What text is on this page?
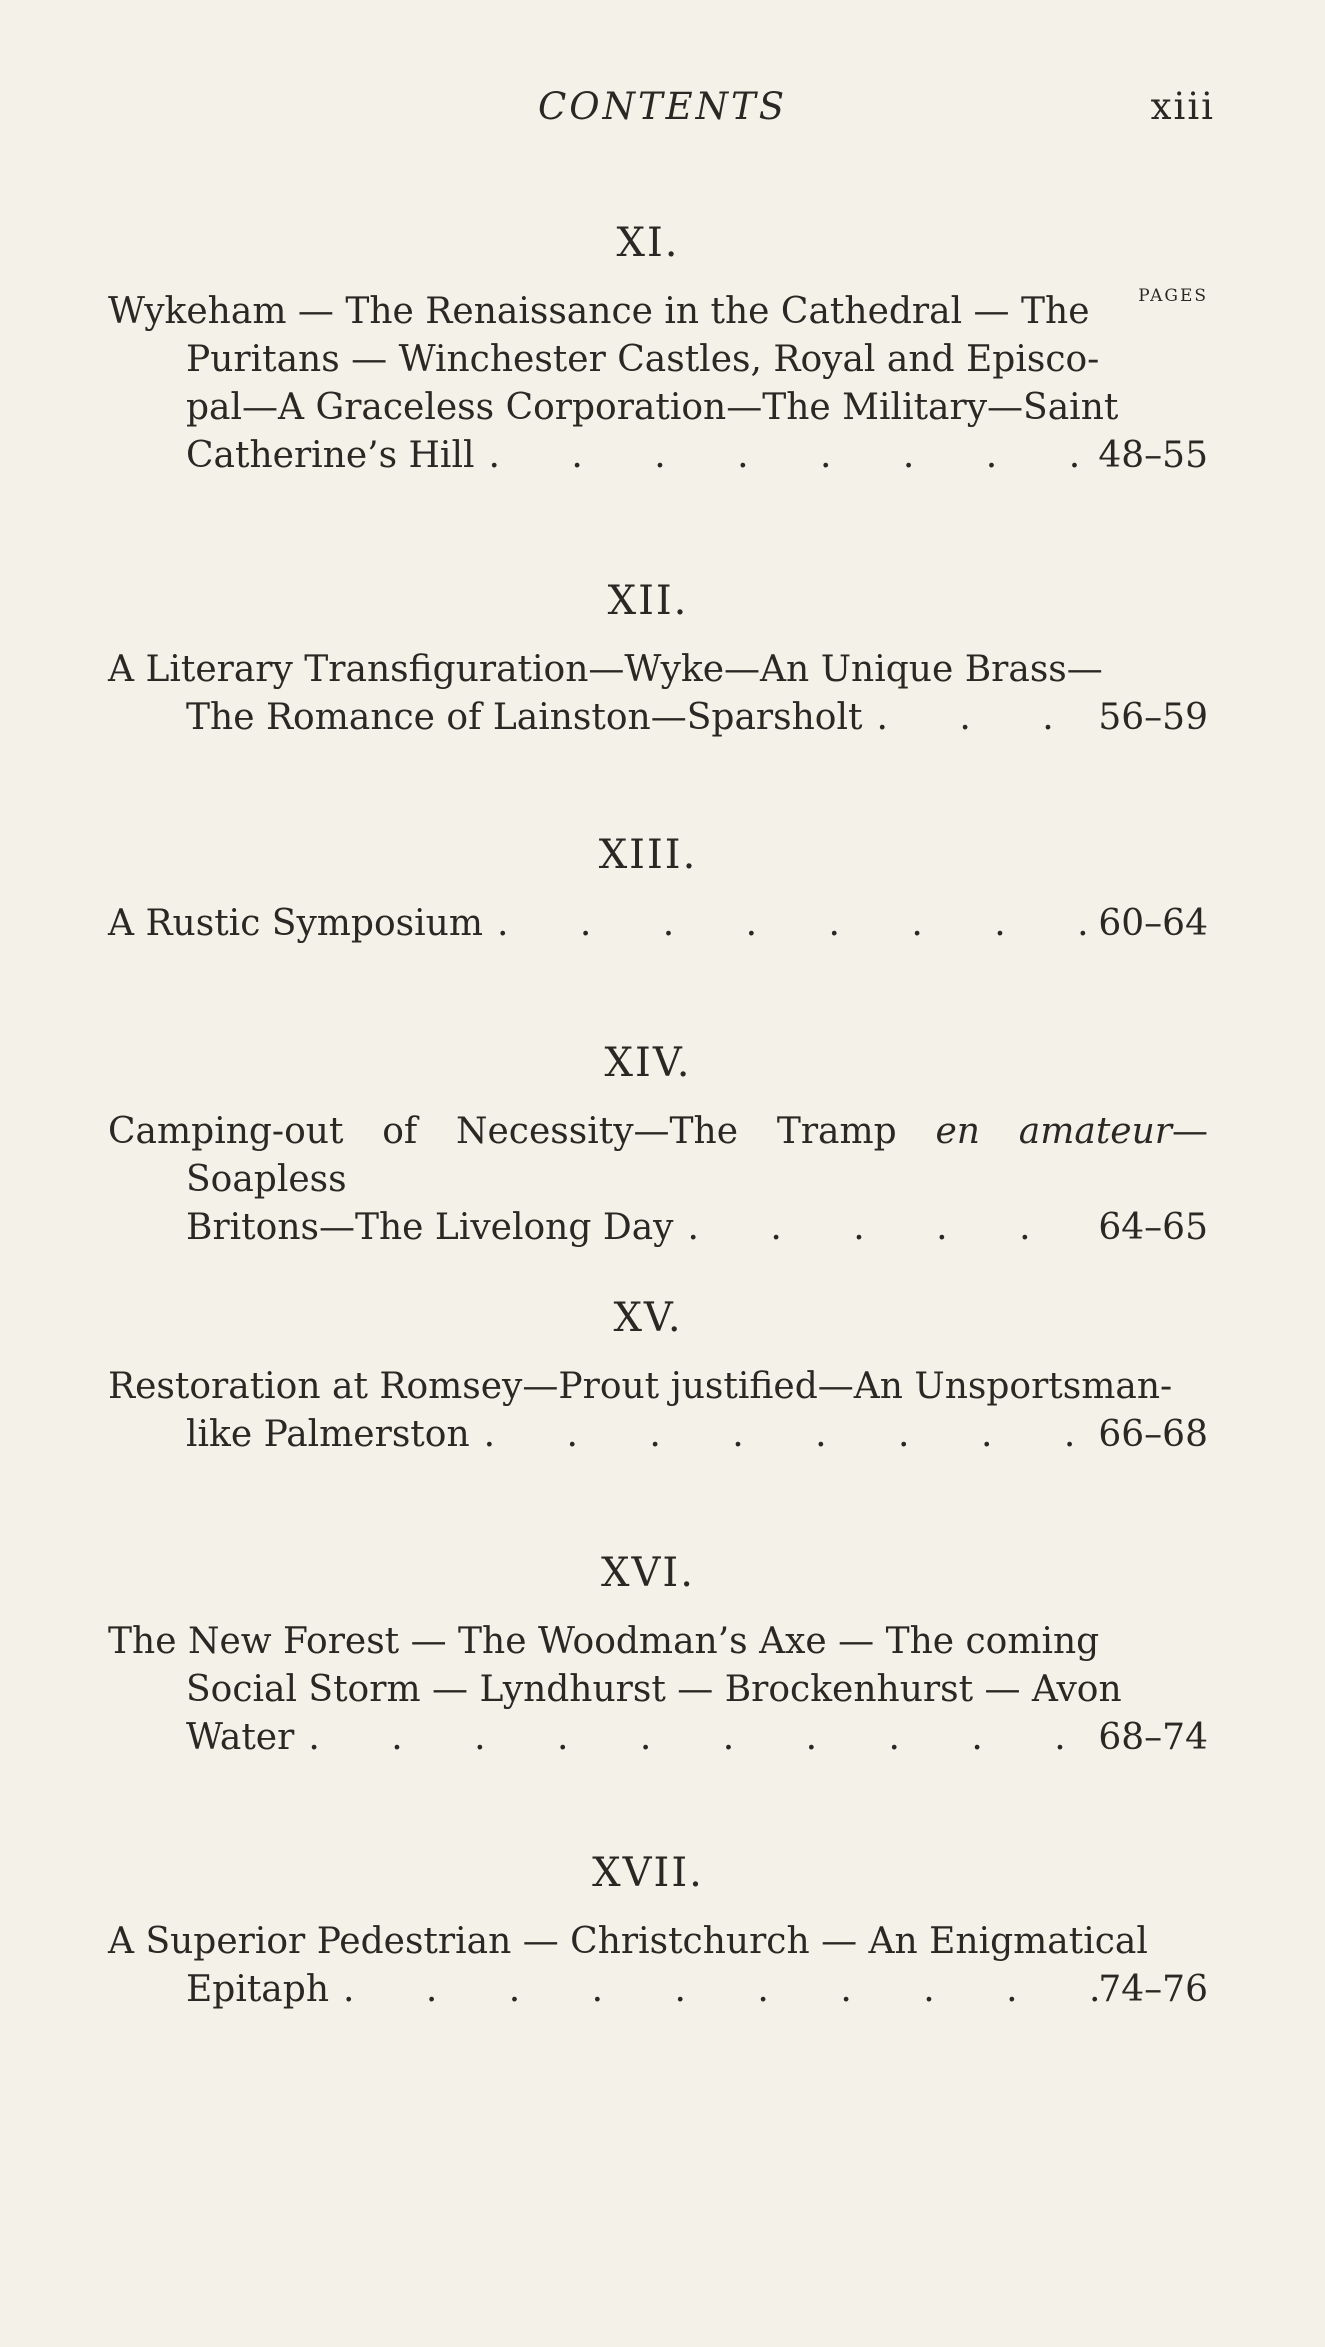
CONTENTS	xiii
XI.
PAGES
Wykeham — The Renaissance in the Cathedral — The
Puritans — Winchester Castles, Royal and Episco-
pal—A Graceless Corporation—The Military—Saint
Catherine’s Hill . . .	48–55
XII.
A Literary Transfiguration—Wyke—An Unique Brass—
The Romance of Lainston—Sparsholt . . .	56–59
XIII.
A Rustic Symposium . . .	60–64
XIV.
Camping-out of Necessity—The Tramp en amateur—Soapless
Britons—The Livelong Day . . .	64–65
XV.
Restoration at Romsey—Prout justified—An Unsportsman-
like Palmerston . . .	66–68
XVI.
The New Forest — The Woodman’s Axe — The coming
Social Storm — Lyndhurst — Brockenhurst — Avon
Water . . .	68–74
XVII.
A Superior Pedestrian — Christchurch — An Enigmatical
Epitaph . . .	74–76
